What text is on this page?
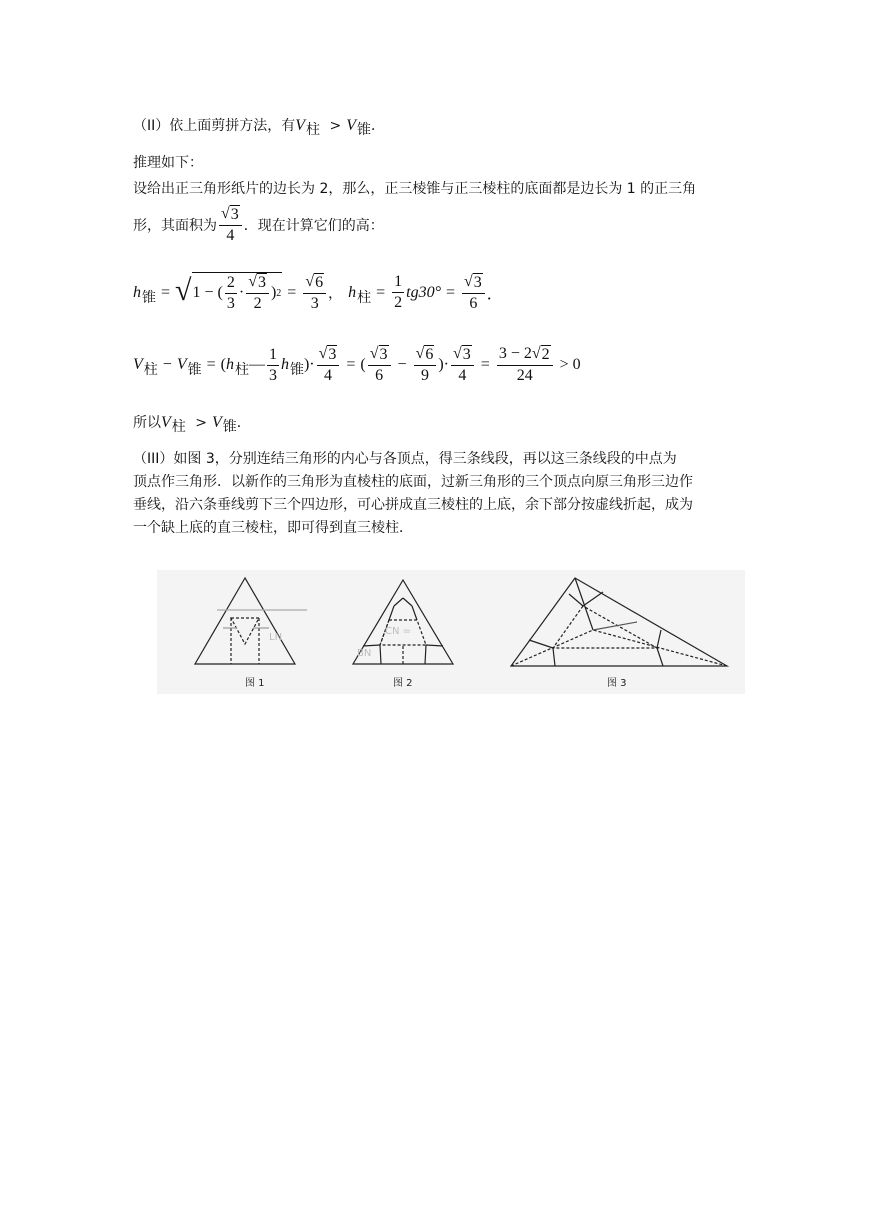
（II）依上面剪拼方法，有V柱 > V锥．
推理如下：
设给出正三角形纸片的边长为 2，那么，正三棱锥与正三棱柱的底面都是边长为 1 的正三角
形，其面积为 $\frac{√ 3}{4}$ ．现在计算它们的高：
h 锥 = √ 1 − ( $\frac{2}{3} \cdot \frac{√ 3}{2}$ ) $2 = \frac{√ 6}{3}$ ， h 柱 = $\frac{1}{2} tg30^\circ = \frac{√ 3}{6}$ ．
V 柱 − V 锥 = ( h 柱 — $\frac{1}{3}$ h 锥 ) · $\frac{√ 3}{4}$ = ( $\frac{√ 3}{6} - \frac{√ 6}{9}$ ) · $\frac{√ 3}{4} = \frac{3 - 2 √ 2}{24} > 0$
所以V柱 > V锥．
（III）如图 3，分别连结三角形的内心与各顶点，得三条线段，再以这三条线段的中点为
顶点作三角形．以新作的三角形为直棱柱的底面，过新三角形的三个顶点向原三角形三边作
垂线，沿六条垂线剪下三个四边形，可心拼成直三棱柱的上底，余下部分按虚线折起，成为
一个缺上底的直三棱柱，即可得到直三棱柱．
BN
CN =
LN
图 1	图 2	图 3
